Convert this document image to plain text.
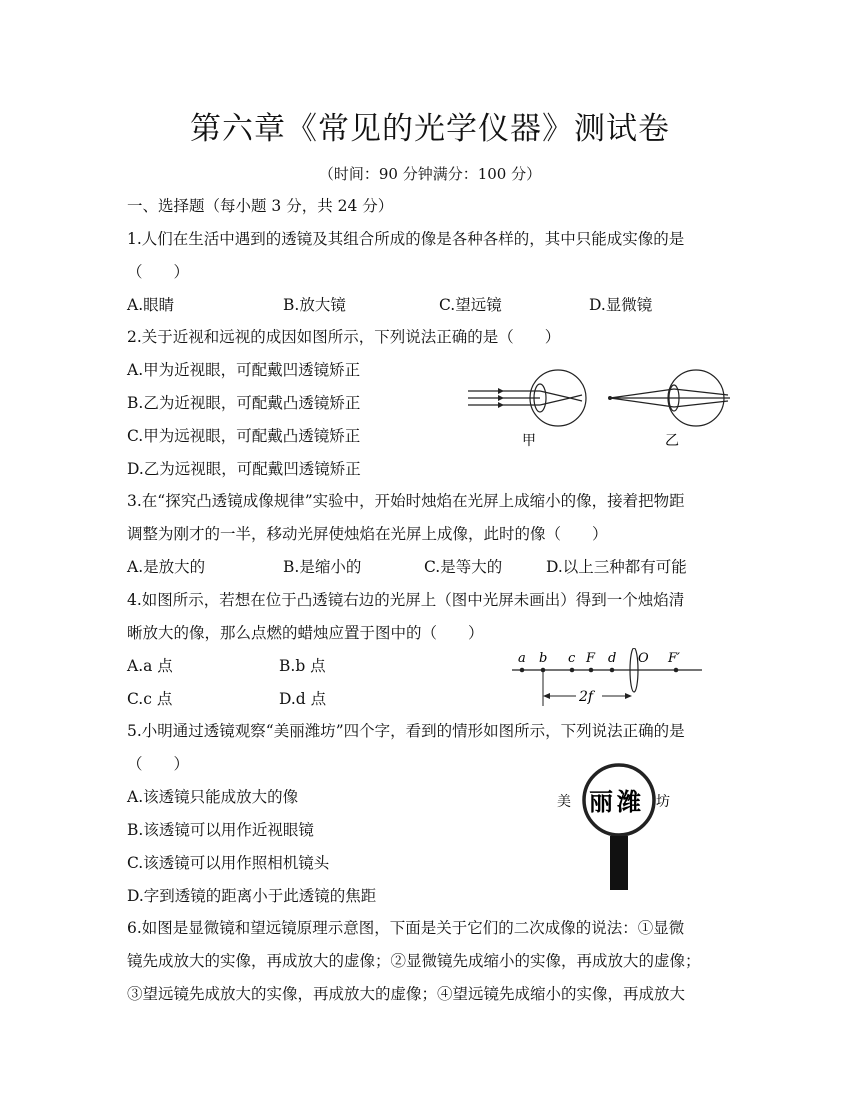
第六章《常见的光学仪器》测试卷
（时间：90 分钟满分：100 分）
一、选择题（每小题 3 分，共 24 分）
1.人们在生活中遇到的透镜及其组合所成的像是各种各样的，其中只能成实像的是
（　　）
A.眼睛	B.放大镜	C.望远镜	D.显微镜
2.关于近视和远视的成因如图所示，下列说法正确的是（　　）
A.甲为近视眼，可配戴凹透镜矫正
B.乙为近视眼，可配戴凸透镜矫正
C.甲为远视眼，可配戴凸透镜矫正
D.乙为远视眼，可配戴凹透镜矫正
甲	乙
3.在“探究凸透镜成像规律”实验中，开始时烛焰在光屏上成缩小的像，接着把物距
调整为刚才的一半，移动光屏使烛焰在光屏上成像，此时的像（　　）
A.是放大的	B.是缩小的	C.是等大的	D.以上三种都有可能
4.如图所示，若想在位于凸透镜右边的光屏上（图中光屏未画出）得到一个烛焰清
晰放大的像，那么点燃的蜡烛应置于图中的（　　）
A.a 点	B.b 点
C.c 点	D.d 点
a b c F d O F′
2f
5.小明通过透镜观察“美丽潍坊”四个字，看到的情形如图所示，下列说法正确的是
（　　）
A.该透镜只能成放大的像
B.该透镜可以用作近视眼镜
C.该透镜可以用作照相机镜头
D.字到透镜的距离小于此透镜的焦距
美 丽 潍 坊
6.如图是显微镜和望远镜原理示意图，下面是关于它们的二次成像的说法：①显微
镜先成放大的实像，再成放大的虚像；②显微镜先成缩小的实像，再成放大的虚像；
③望远镜先成放大的实像，再成放大的虚像；④望远镜先成缩小的实像，再成放大
